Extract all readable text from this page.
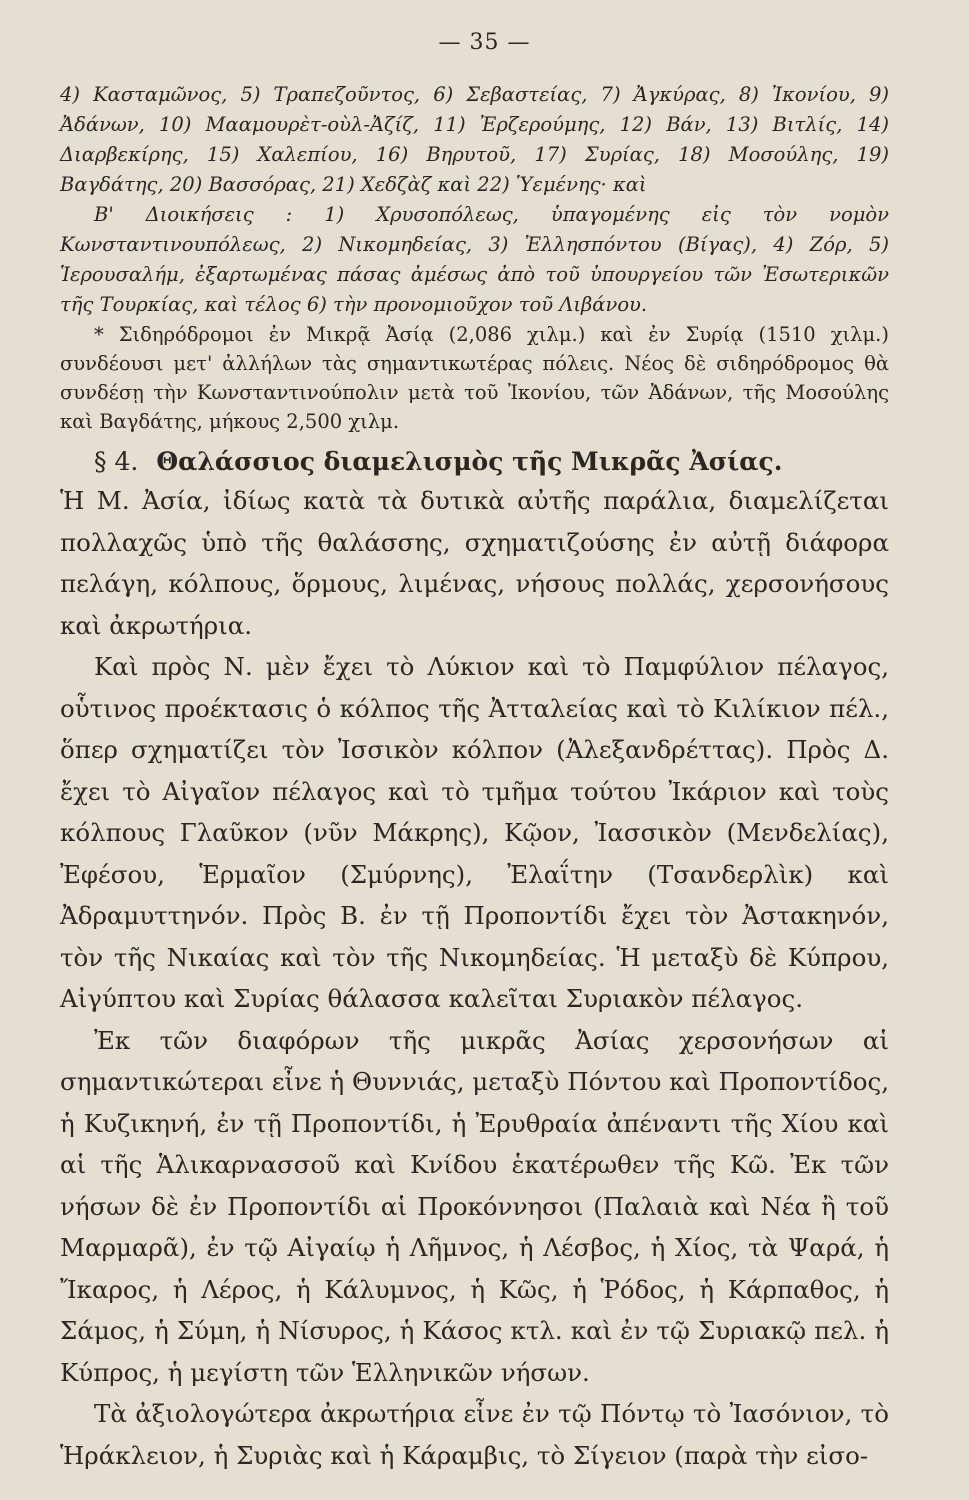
— 35 —

4) Κασταμῶνος, 5) Τραπεζοῦντος, 6) Σεβαστείας, 7) Ἀγκύρας, 8) Ἰκονίου, 9) Ἀδάνων, 10) Μααμουρὲτ-οὺλ-Ἀζίζ, 11) Ἐρζερούμης, 12) Βάν, 13) Βιτλίς, 14) Διαρβεκίρης, 15) Χαλεπίου, 16) Βηρυτοῦ, 17) Συρίας, 18) Μοσούλης, 19) Βαγδάτης, 20) Βασσόρας, 21) Χεδζὰζ καὶ 22) Ὑεμένης· καὶ

Β' Διοικήσεις : 1) Χρυσοπόλεως, ὑπαγομένης εἰς τὸν νομὸν Κωνσταντινουπόλεως, 2) Νικομηδείας, 3) Ἑλλησπόντου (Βίγας), 4) Ζόρ, 5) Ἱερουσαλήμ, ἐξαρτωμένας πάσας ἀμέσως ἀπὸ τοῦ ὑπουργείου τῶν Ἐσωτερικῶν τῆς Τουρκίας, καὶ τέλος 6) τὴν προνομιοῦχον τοῦ Λιβάνου.

* Σιδηρόδρομοι ἐν Μικρᾷ Ἀσίᾳ (2,086 χιλμ.) καὶ ἐν Συρίᾳ (1510 χιλμ.) συνδέουσι μετ' ἀλλήλων τὰς σημαντικωτέρας πόλεις. Νέος δὲ σιδηρόδρομος θὰ συνδέσῃ τὴν Κωνσταντινούπολιν μετὰ τοῦ Ἰκονίου, τῶν Ἀδάνων, τῆς Μοσούλης καὶ Βαγδάτης, μήκους 2,500 χιλμ.

§ 4. Θαλάσσιος διαμελισμὸς τῆς Μικρᾶς Ἀσίας.

Ἡ Μ. Ἀσία, ἰδίως κατὰ τὰ δυτικὰ αὐτῆς παράλια, διαμελίζεται πολλαχῶς ὑπὸ τῆς θαλάσσης, σχηματιζούσης ἐν αὐτῇ διάφορα πελάγη, κόλπους, ὅρμους, λιμένας, νήσους πολλάς, χερσονήσους καὶ ἀκρωτήρια.

Καὶ πρὸς Ν. μὲν ἔχει τὸ Λύκιον καὶ τὸ Παμφύλιον πέλαγος, οὗτινος προέκτασις ὁ κόλπος τῆς Ἀτταλείας καὶ τὸ Κιλίκιον πέλ., ὅπερ σχηματίζει τὸν Ἰσσικὸν κόλπον (Ἀλεξανδρέττας). Πρὸς Δ. ἔχει τὸ Αἰγαῖον πέλαγος καὶ τὸ τμῆμα τούτου Ἰκάριον καὶ τοὺς κόλπους Γλαῦκον (νῦν Μάκρης), Κῷον, Ἰασσικὸν (Μενδελίας), Ἐφέσου, Ἑρμαῖον (Σμύρνης), Ἐλαΐτην (Τσανδερλὶκ) καὶ Ἀδραμυττηνόν. Πρὸς Β. ἐν τῇ Προποντίδι ἔχει τὸν Ἀστακηνόν, τὸν τῆς Νικαίας καὶ τὸν τῆς Νικομηδείας. Ἡ μεταξὺ δὲ Κύπρου, Αἰγύπτου καὶ Συρίας θάλασσα καλεῖται Συριακὸν πέλαγος.

Ἐκ τῶν διαφόρων τῆς μικρᾶς Ἀσίας χερσονήσων αἱ σημαντικώτεραι εἶνε ἡ Θυννιάς, μεταξὺ Πόντου καὶ Προποντίδος, ἡ Κυζικηνή, ἐν τῇ Προποντίδι, ἡ Ἐρυθραία ἀπέναντι τῆς Χίου καὶ αἱ τῆς Ἁλικαρνασσοῦ καὶ Κνίδου ἑκατέρωθεν τῆς Κῶ. Ἐκ τῶν νήσων δὲ ἐν Προποντίδι αἱ Προκόννησοι (Παλαιὰ καὶ Νέα ἢ τοῦ Μαρμαρᾶ), ἐν τῷ Αἰγαίῳ ἡ Λῆμνος, ἡ Λέσβος, ἡ Χίος, τὰ Ψαρά, ἡ Ἴκαρος, ἡ Λέρος, ἡ Κάλυμνος, ἡ Κῶς, ἡ Ῥόδος, ἡ Κάρπαθος, ἡ Σάμος, ἡ Σύμη, ἡ Νίσυρος, ἡ Κάσος κτλ. καὶ ἐν τῷ Συριακῷ πελ. ἡ Κύπρος, ἡ μεγίστη τῶν Ἑλληνικῶν νήσων.

Τὰ ἀξιολογώτερα ἀκρωτήρια εἶνε ἐν τῷ Πόντῳ τὸ Ἰασόνιον, τὸ Ἡράκλειον, ἡ Συριὰς καὶ ἡ Κάραμβις, τὸ Σίγειον (παρὰ τὴν εἰσο-
